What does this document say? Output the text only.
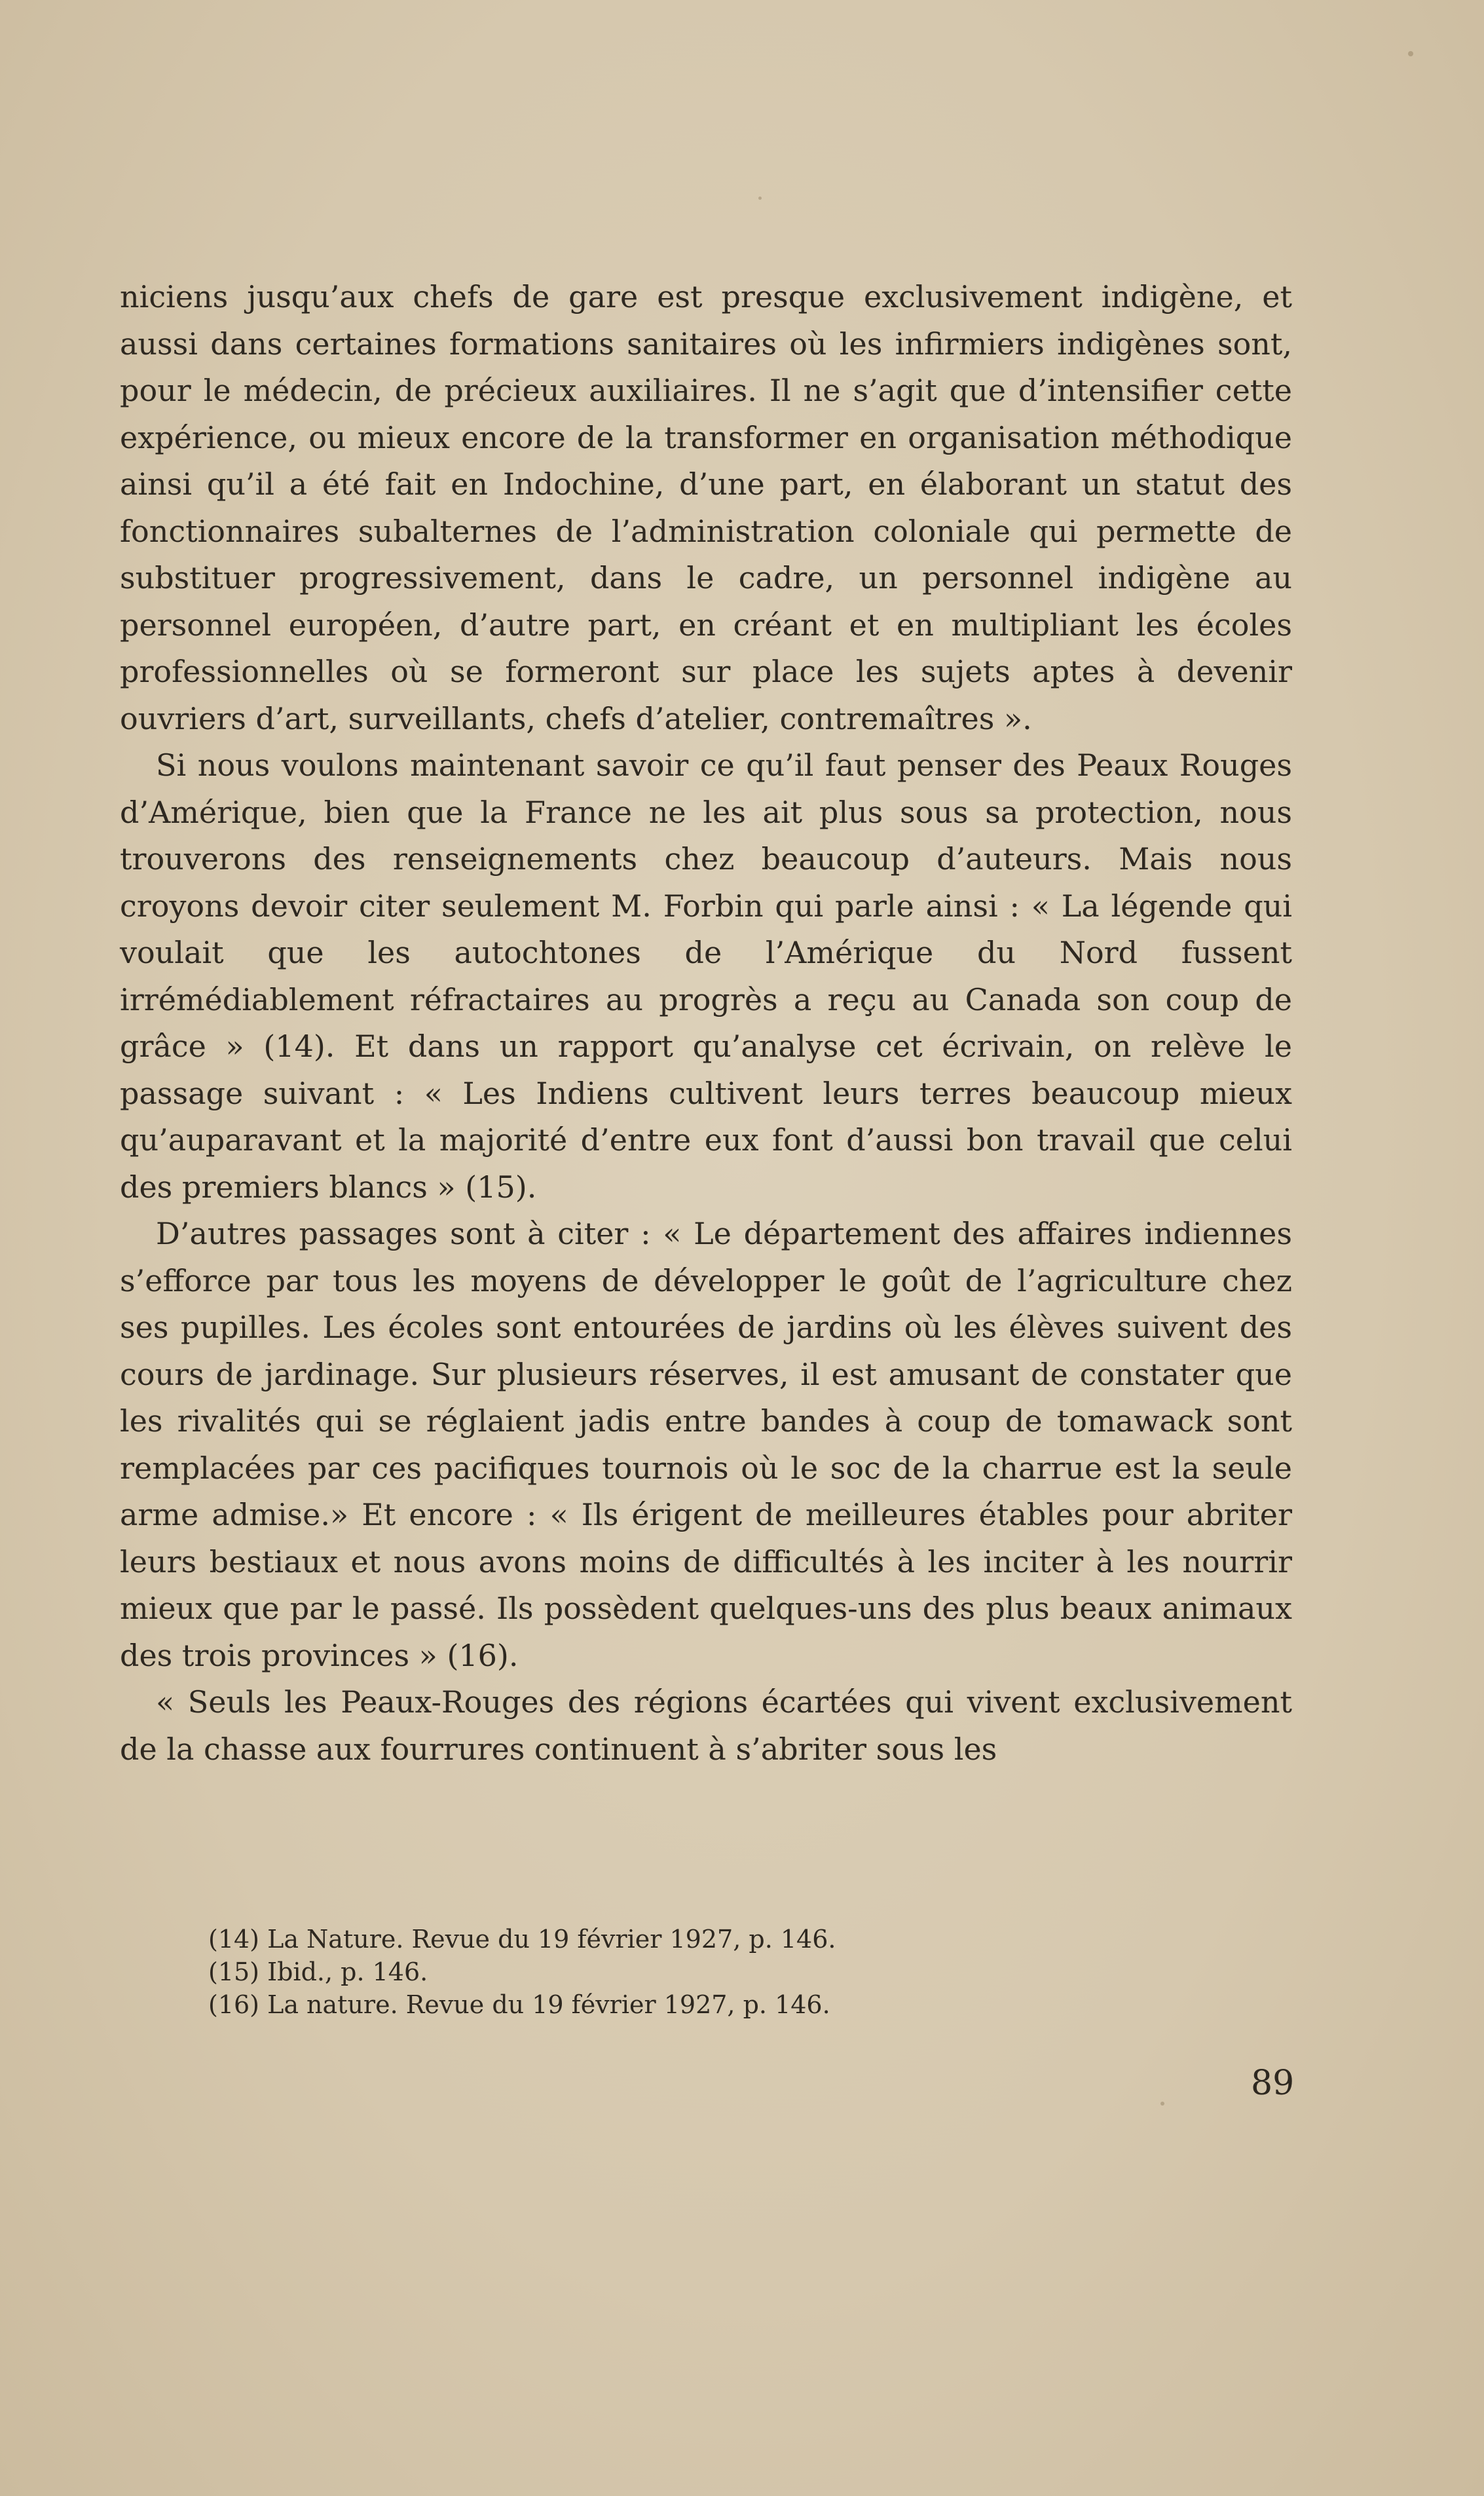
niciens jusqu’aux chefs de gare est presque exclusivement indigène, et aussi dans certaines formations sanitaires où les infirmiers indigènes sont, pour le médecin, de précieux auxiliaires. Il ne s’agit que d’intensifier cette expérience, ou mieux encore de la transformer en organisation méthodique ainsi qu’il a été fait en Indochine, d’une part, en élaborant un statut des fonctionnaires subalternes de l’administration coloniale qui permette de substituer progressivement, dans le cadre, un personnel indigène au personnel européen, d’autre part, en créant et en multipliant les écoles professionnelles où se formeront sur place les sujets aptes à devenir ouvriers d’art, surveillants, chefs d’atelier, contremaîtres ».

Si nous voulons maintenant savoir ce qu’il faut penser des Peaux Rouges d’Amérique, bien que la France ne les ait plus sous sa protection, nous trouverons des renseignements chez beaucoup d’auteurs. Mais nous croyons devoir citer seulement M. Forbin qui parle ainsi : « La légende qui voulait que les autochtones de l’Amérique du Nord fussent irrémédiablement réfractaires au progrès a reçu au Canada son coup de grâce » (14). Et dans un rapport qu’analyse cet écrivain, on relève le passage suivant : « Les Indiens cultivent leurs terres beaucoup mieux qu’auparavant et la majorité d’entre eux font d’aussi bon travail que celui des premiers blancs » (15).

D’autres passages sont à citer : « Le département des affaires indiennes s’efforce par tous les moyens de développer le goût de l’agriculture chez ses pupilles. Les écoles sont entourées de jardins où les élèves suivent des cours de jardinage. Sur plusieurs réserves, il est amusant de constater que les rivalités qui se réglaient jadis entre bandes à coup de tomawack sont remplacées par ces pacifiques tournois où le soc de la charrue est la seule arme admise.» Et encore : « Ils érigent de meilleures étables pour abriter leurs bestiaux et nous avons moins de difficultés à les inciter à les nourrir mieux que par le passé. Ils possèdent quelques-uns des plus beaux animaux des trois provinces » (16).

« Seuls les Peaux-Rouges des régions écartées qui vivent exclusivement de la chasse aux fourrures continuent à s’abriter sous les

(14) La Nature. Revue du 19 février 1927, p. 146.

(15) Ibid., p. 146.

(16) La nature. Revue du 19 février 1927, p. 146.

89
